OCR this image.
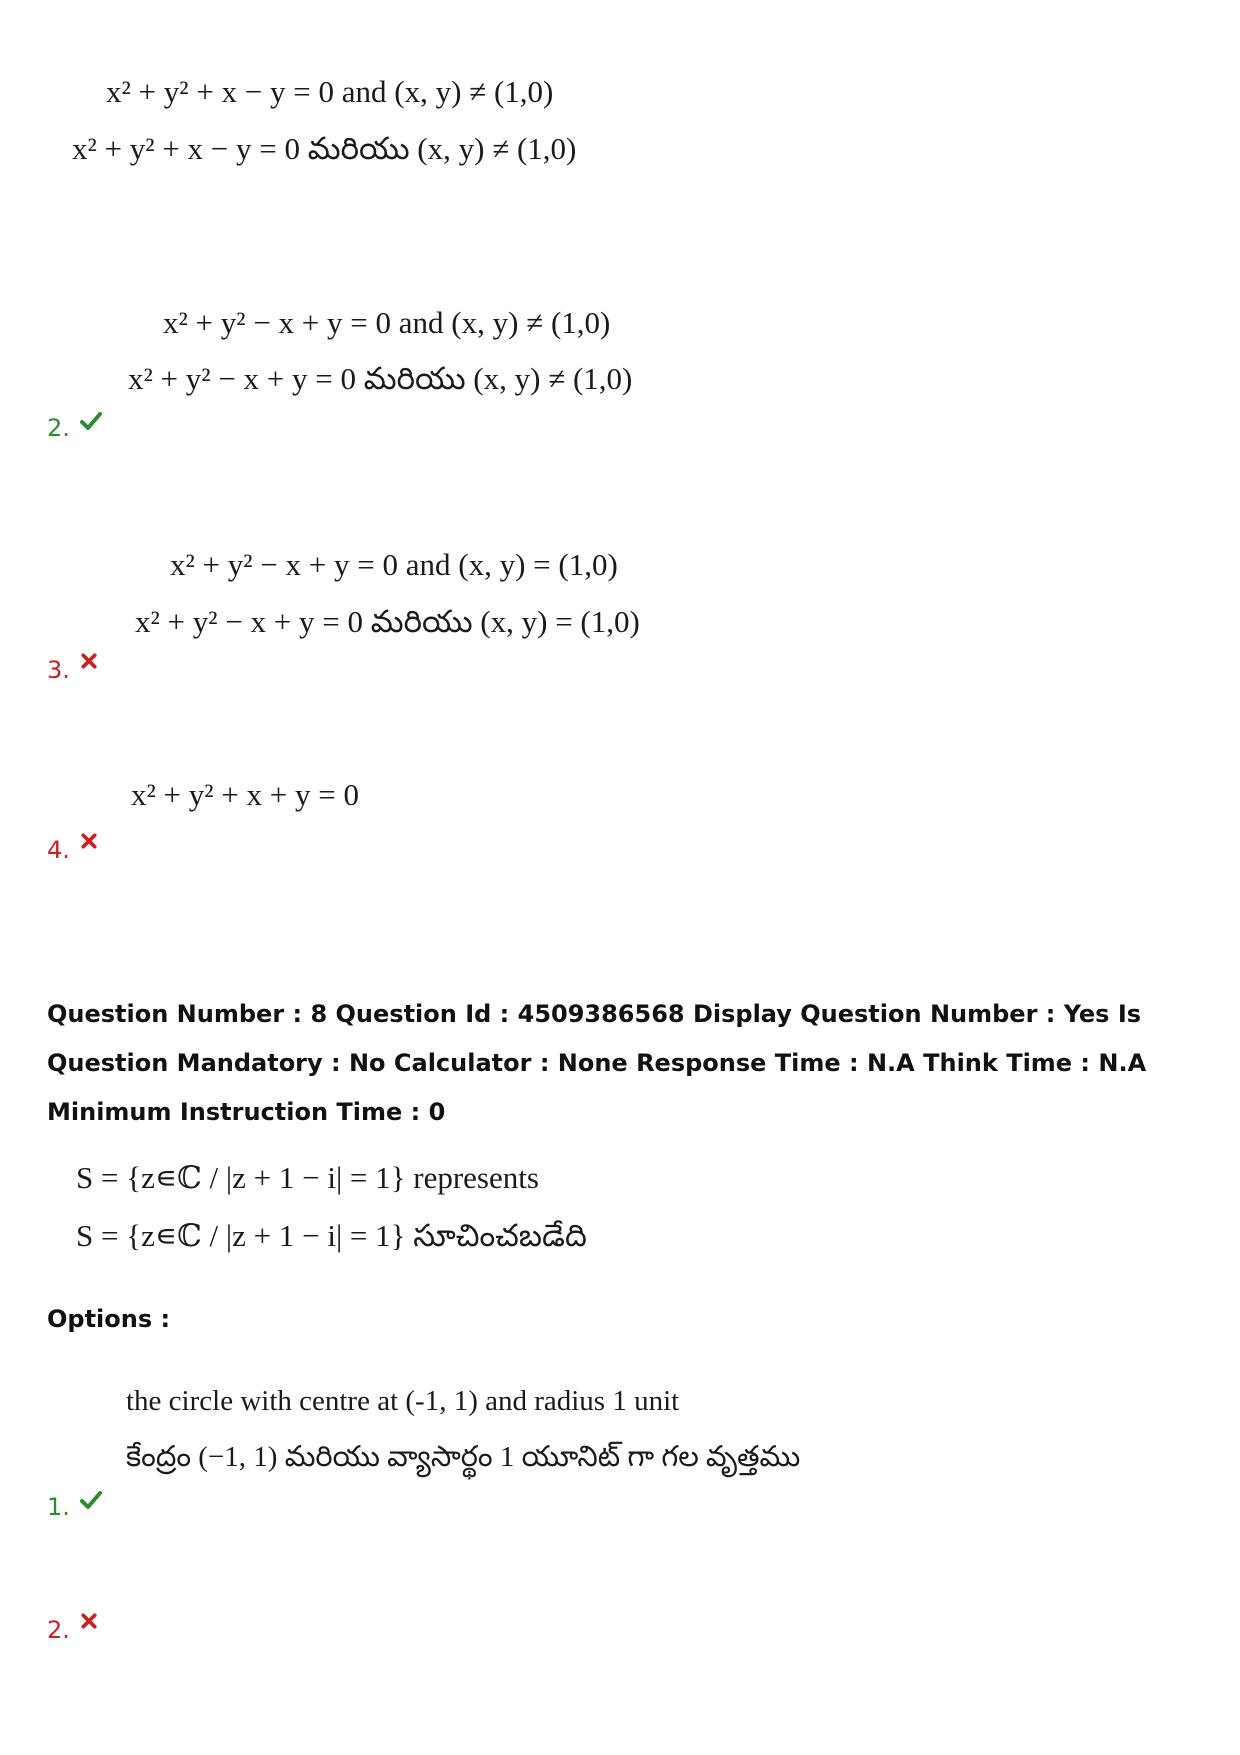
x² + y² + x − y = 0 and (x, y) ≠ (1,0)
x² + y² + x − y = 0 మరియు (x, y) ≠ (1,0)
x² + y² − x + y = 0 and (x, y) ≠ (1,0)
x² + y² − x + y = 0 మరియు (x, y) ≠ (1,0)
2.
x² + y² − x + y = 0 and (x, y) = (1,0)
x² + y² − x + y = 0 మరియు (x, y) = (1,0)
3.
x² + y² + x + y = 0
4.
Question Number : 8 Question Id : 4509386568 Display Question Number : Yes Is Question Mandatory : No Calculator : None Response Time : N.A Think Time : N.A Minimum Instruction Time : 0
S = {z∊ℂ / |z + 1 − i| = 1} represents
S = {z∊ℂ / |z + 1 − i| = 1} సూచించబడేది
Options :
the circle with centre at (-1, 1) and radius 1 unit
కేంద్రం (−1, 1) మరియు వ్యాసార్థం 1 యూనిట్ గా గల వృత్తము
1.
2.
